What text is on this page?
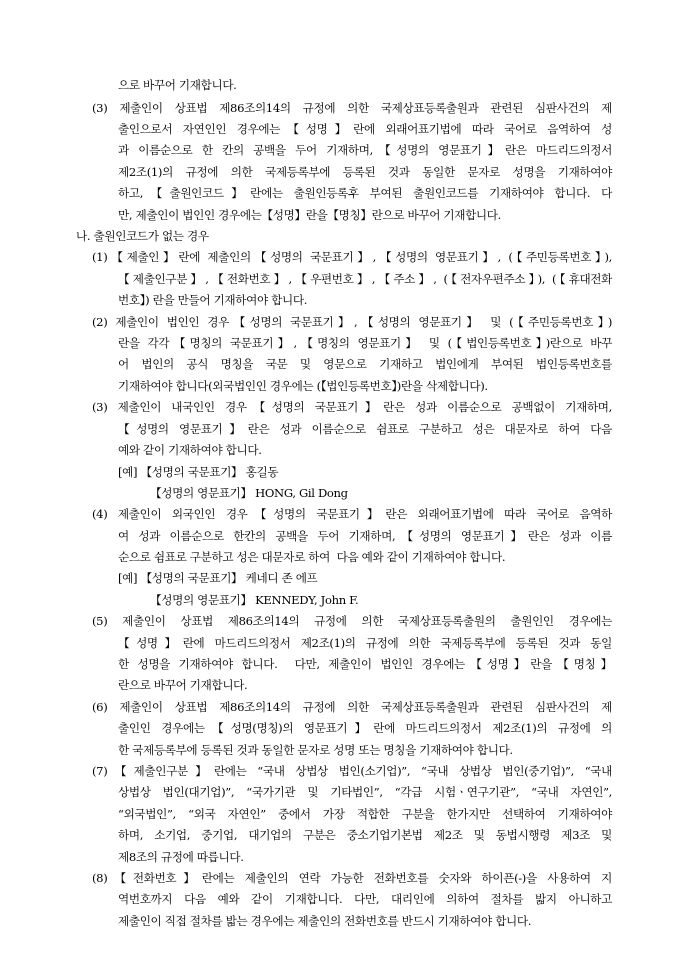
으로 바꾸어 기재합니다.
(3) 제출인이 상표법 제86조의14의 규정에 의한 국제상표등록출원과 관련된 심판사건의 제
출인으로서 자연인인 경우에는【성명】란에 외래어표기법에 따라 국어로 음역하여 성
과 이름순으로 한 칸의 공백을 두어 기재하며,【성명의 영문표기】란은 마드리드의정서
제2조(1)의 규정에 의한 국제등록부에 등록된 것과 동일한 문자로 성명을 기재하여야
하고,【출원인코드】란에는 출원인등록후 부여된 출원인코드를 기재하여야 합니다. 다
만, 제출인이 법인인 경우에는【성명】란을【명칭】란으로 바꾸어 기재합니다.
나. 출원인코드가 없는 경우
(1)【제출인】란에 제출인의【성명의 국문표기】,【성명의 영문표기】, (【주민등록번호】),
【제출인구분】,【전화번호】,【우편번호】,【주소】, (【전자우편주소】), (【휴대전화
번호】) 란을 만들어 기재하여야 합니다.
(2) 제출인이 법인인 경우【성명의 국문표기】,【성명의 영문표기】 및 (【주민등록번호】)
란을 각각【명칭의 국문표기】,【명칭의 영문표기】 및 (【법인등록번호】)란으로 바꾸
어 법인의 공식 명칭을 국문 및 영문으로 기재하고 법인에게 부여된 법인등록번호를
기재하여야 합니다(외국법인인 경우에는 (【법인등록번호】)란을 삭제합니다).
(3) 제출인이 내국인인 경우【성명의 국문표기】란은 성과 이름순으로 공백없이 기재하며,
【성명의 영문표기】란은 성과 이름순으로 쉼표로 구분하고 성은 대문자로 하여 다음
예와 같이 기재하여야 합니다.
[예] 【성명의 국문표기】 홍길동
【성명의 영문표기】 HONG, Gil Dong
(4) 제출인이 외국인인 경우【성명의 국문표기】란은 외래어표기법에 따라 국어로 음역하
여 성과 이름순으로 한칸의 공백을 두어 기재하며,【성명의 영문표기】란은 성과 이름
순으로 쉼표로 구분하고 성은 대문자로 하여  다음 예와 같이 기재하여야 합니다.
[예] 【성명의 국문표기】 케네디 존 에프
【성명의 영문표기】 KENNEDY, John F.
(5) 제출인이 상표법 제86조의14의 규정에 의한 국제상표등록출원의 출원인인 경우에는
【성명】란에 마드리드의정서 제2조(1)의 규정에 의한 국제등록부에 등록된 것과 동일
한 성명을 기재하여야 합니다.  다만, 제출인이 법인인 경우에는【성명】란을【명칭】
란으로 바꾸어 기재합니다.
(6) 제출인이 상표법 제86조의14의 규정에 의한 국제상표등록출원과 관련된 심판사건의 제
출인인 경우에는【성명(명칭)의 영문표기】란에 마드리드의정서 제2조(1)의 규정에 의
한 국제등록부에 등록된 것과 동일한 문자로 성명 또는 명칭을 기재하여야 합니다.
(7)【제출인구분】란에는 “국내 상법상 법인(소기업)”, “국내 상법상 법인(중기업)”, “국내
상법상 법인(대기업)”, “국가기관 및 기타법인”, “각급 시험ㆍ연구기관”, “국내 자연인”,
“외국법인”, “외국 자연인” 중에서 가장 적합한 구분을 한가지만 선택하여 기재하여야
하며, 소기업, 중기업, 대기업의 구분은 중소기업기본법 제2조 및 동법시행령 제3조 및
제8조의 규정에 따릅니다.
(8)【전화번호】란에는 제출인의 연락 가능한 전화번호를 숫자와 하이픈(-)을 사용하여 지
역번호까지 다음 예와 같이 기재합니다. 다만, 대리인에 의하여 절차를 밟지 아니하고
제출인이 직접 절차를 밟는 경우에는 제출인의 전화번호를 반드시 기재하여야 합니다.
